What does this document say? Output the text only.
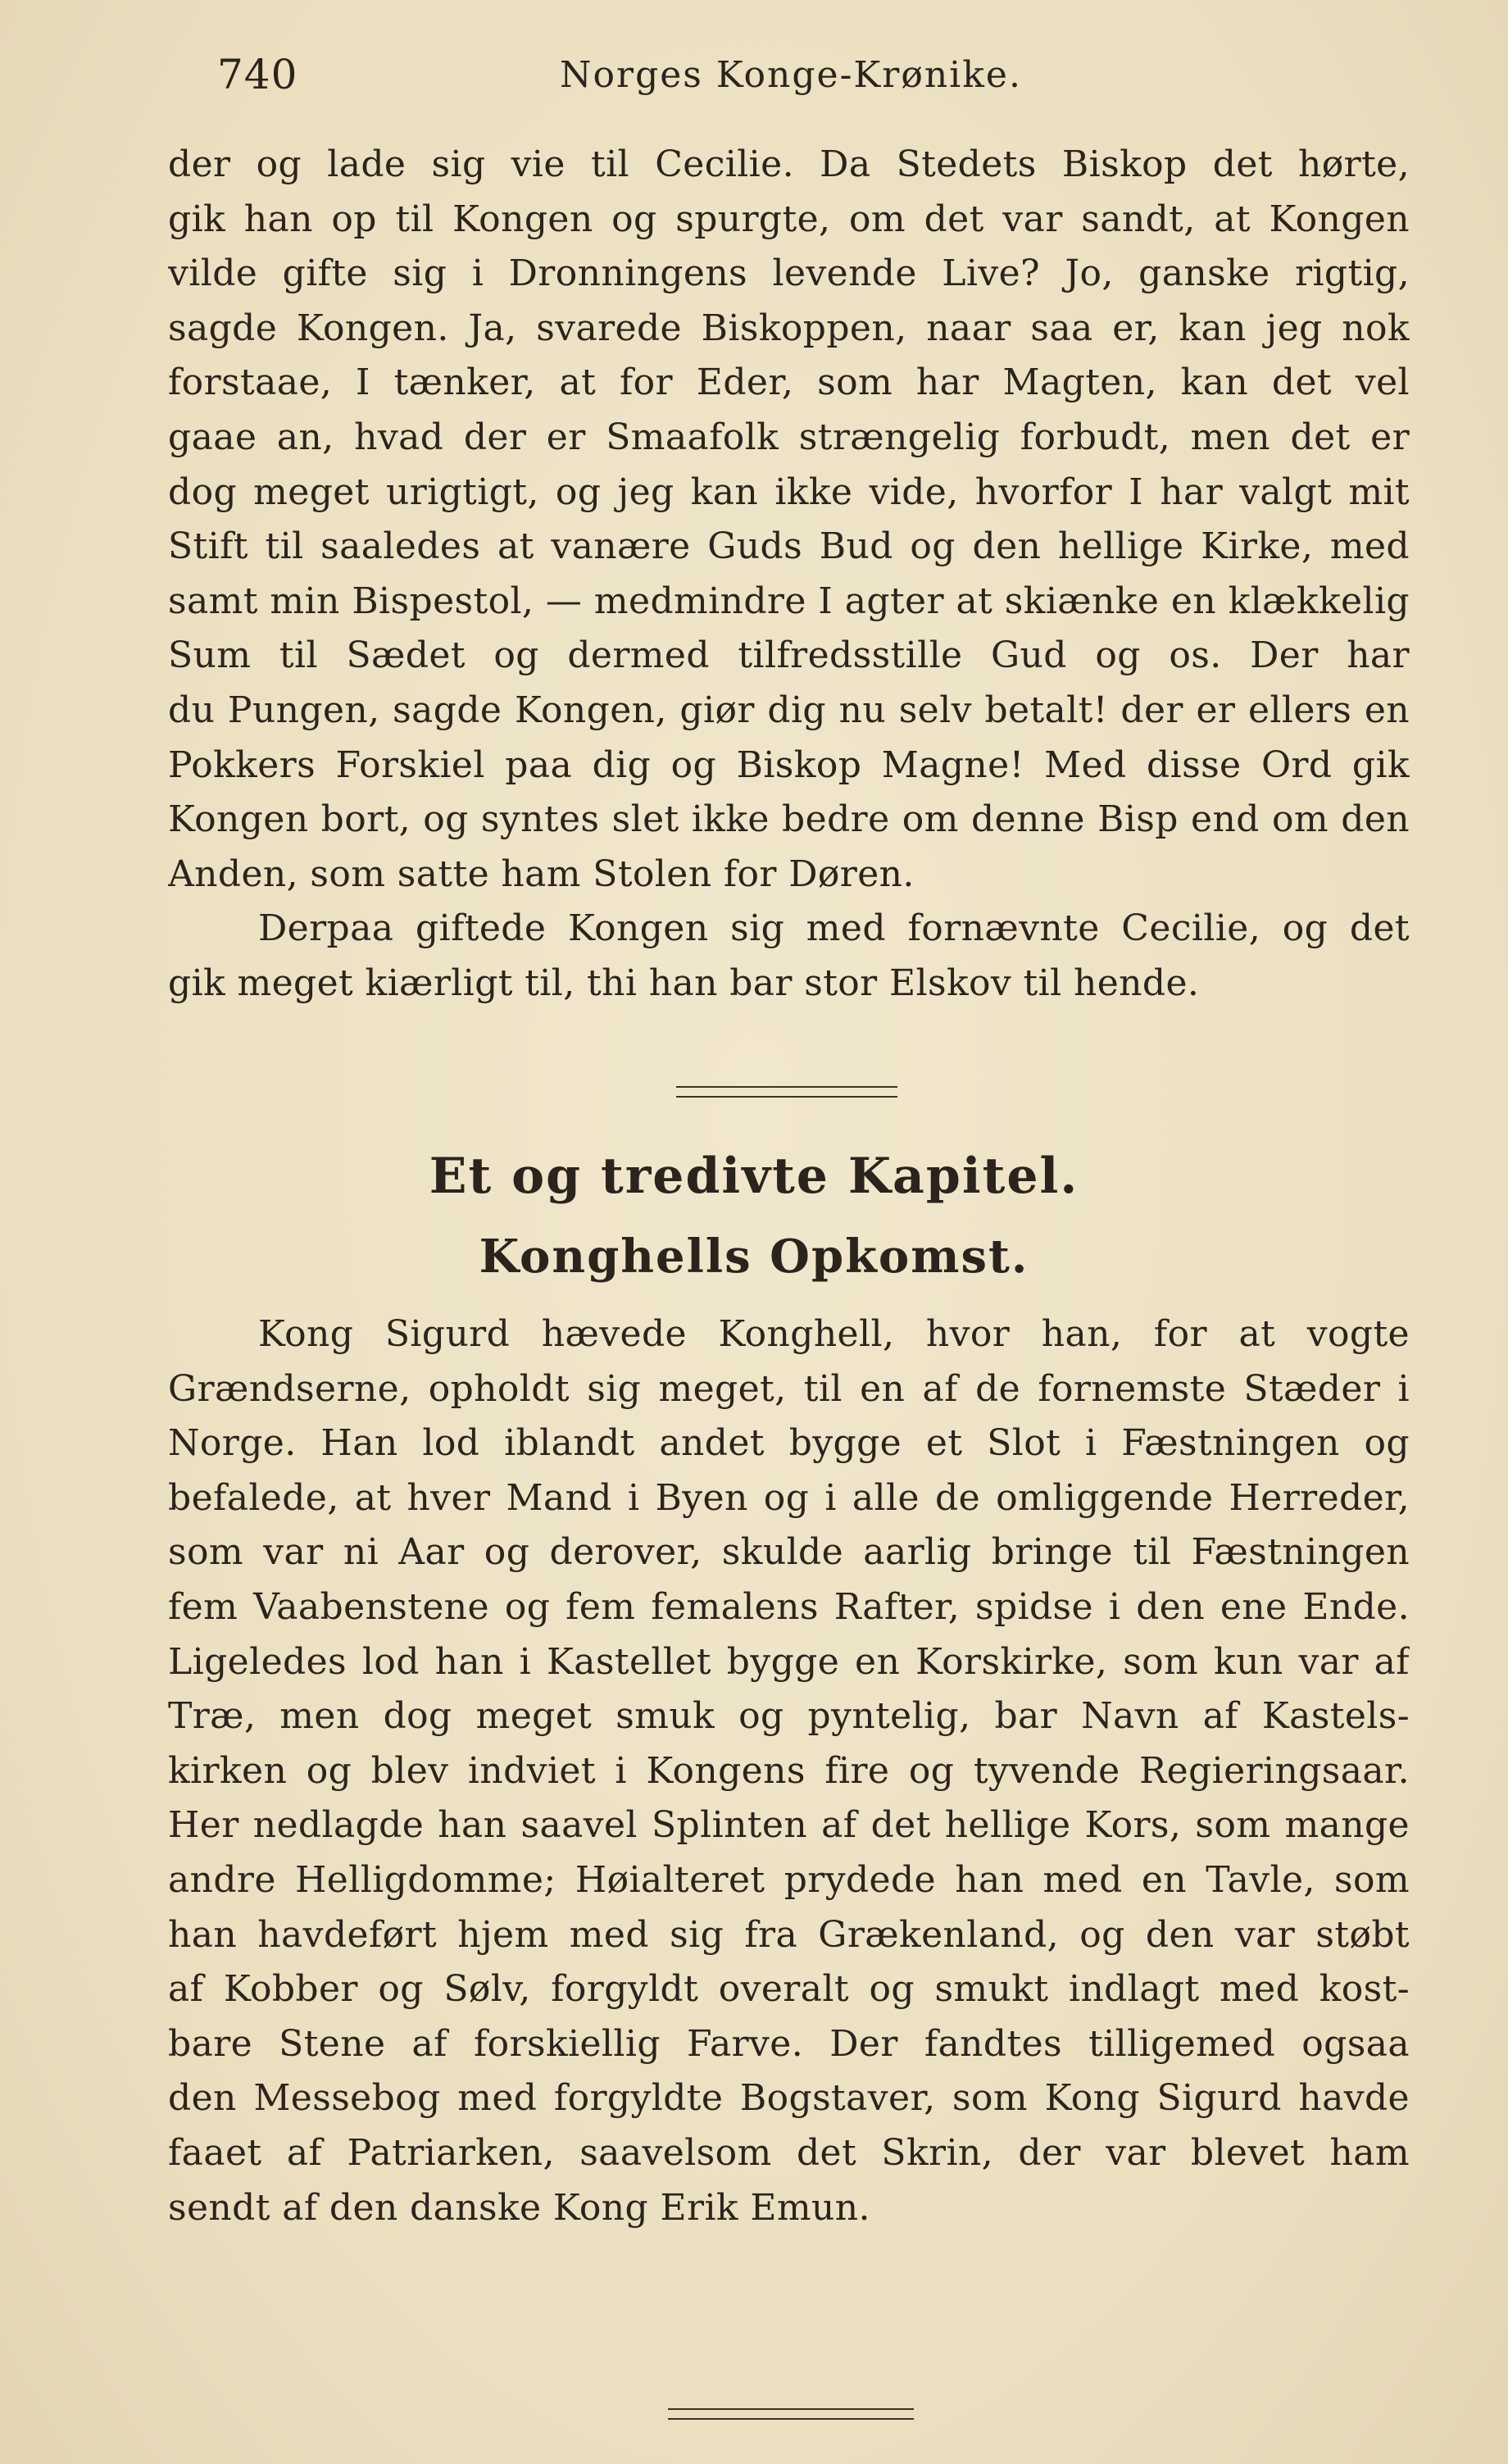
740	Norges Konge-Krønike.
der og lade sig vie til Cecilie. Da Stedets Biskop det hørte,
gik han op til Kongen og spurgte, om det var sandt, at Kongen
vilde gifte sig i Dronningens levende Live? Jo, ganske rigtig,
sagde Kongen. Ja, svarede Biskoppen, naar saa er, kan jeg nok
forstaae, I tænker, at for Eder, som har Magten, kan det vel
gaae an, hvad der er Smaafolk strængelig forbudt, men det er
dog meget urigtigt, og jeg kan ikke vide, hvorfor I har valgt mit
Stift til saaledes at vanære Guds Bud og den hellige Kirke, med
samt min Bispestol, — medmindre I agter at skiænke en klækkelig
Sum til Sædet og dermed tilfredsstille Gud og os. Der har
du Pungen, sagde Kongen, giør dig nu selv betalt! der er ellers en
Pokkers Forskiel paa dig og Biskop Magne! Med disse Ord gik
Kongen bort, og syntes slet ikke bedre om denne Bisp end om den
Anden, som satte ham Stolen for Døren.
Derpaa giftede Kongen sig med fornævnte Cecilie, og det
gik meget kiærligt til, thi han bar stor Elskov til hende.
Et og tredivte Kapitel.
Konghells Opkomst.
Kong Sigurd hævede Konghell, hvor han, for at vogte
Grændserne, opholdt sig meget, til en af de fornemste Stæder i
Norge. Han lod iblandt andet bygge et Slot i Fæstningen og
befalede, at hver Mand i Byen og i alle de omliggende Herreder,
som var ni Aar og derover, skulde aarlig bringe til Fæstningen
fem Vaabenstene og fem femalens Rafter, spidse i den ene Ende.
Ligeledes lod han i Kastellet bygge en Korskirke, som kun var af
Træ, men dog meget smuk og pyntelig, bar Navn af Kastels-
kirken og blev indviet i Kongens fire og tyvende Regieringsaar.
Her nedlagde han saavel Splinten af det hellige Kors, som mange
andre Helligdomme; Høialteret prydede han med en Tavle, som
han havdeført hjem med sig fra Grækenland, og den var støbt
af Kobber og Sølv, forgyldt overalt og smukt indlagt med kost-
bare Stene af forskiellig Farve. Der fandtes tilligemed ogsaa
den Messebog med forgyldte Bogstaver, som Kong Sigurd havde
faaet af Patriarken, saavelsom det Skrin, der var blevet ham
sendt af den danske Kong Erik Emun.
